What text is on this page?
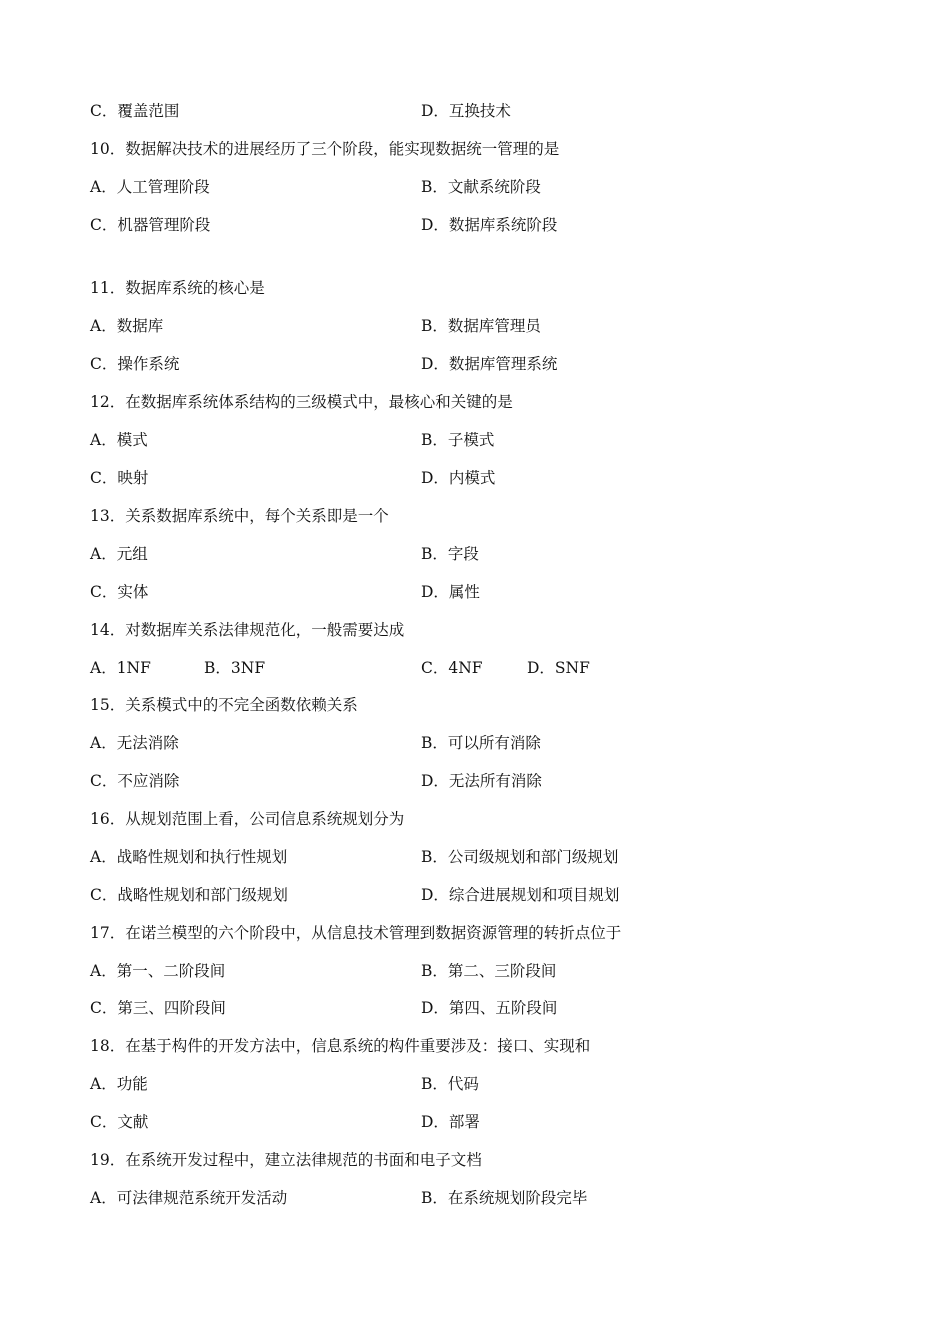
C．覆盖范围	D．互换技术
10．数据解决技术的进展经历了三个阶段，能实现数据统一管理的是
A．人工管理阶段	B．文献系统阶段
C．机器管理阶段	D．数据库系统阶段
11．数据库系统的核心是
A．数据库	B．数据库管理员
C．操作系统	D．数据库管理系统
12．在数据库系统体系结构的三级模式中，最核心和关键的是
A．模式	B．子模式
C．映射	D．内模式
13．关系数据库系统中，每个关系即是一个
A．元组	B．字段
C．实体	D．属性
14．对数据库关系法律规范化，一般需要达成
A．1NF	B．3NF	C．4NF	D．SNF
15．关系模式中的不完全函数依赖关系
A．无法消除	B．可以所有消除
C．不应消除	D．无法所有消除
16．从规划范围上看，公司信息系统规划分为
A．战略性规划和执行性规划	B．公司级规划和部门级规划
C．战略性规划和部门级规划	D．综合进展规划和项目规划
17．在诺兰模型的六个阶段中，从信息技术管理到数据资源管理的转折点位于
A．第一、二阶段间	B．第二、三阶段间
C．第三、四阶段间	D．第四、五阶段间
18．在基于构件的开发方法中，信息系统的构件重要涉及：接口、实现和
A．功能	B．代码
C．文献	D．部署
19．在系统开发过程中，建立法律规范的书面和电子文档
A．可法律规范系统开发活动	B．在系统规划阶段完毕
